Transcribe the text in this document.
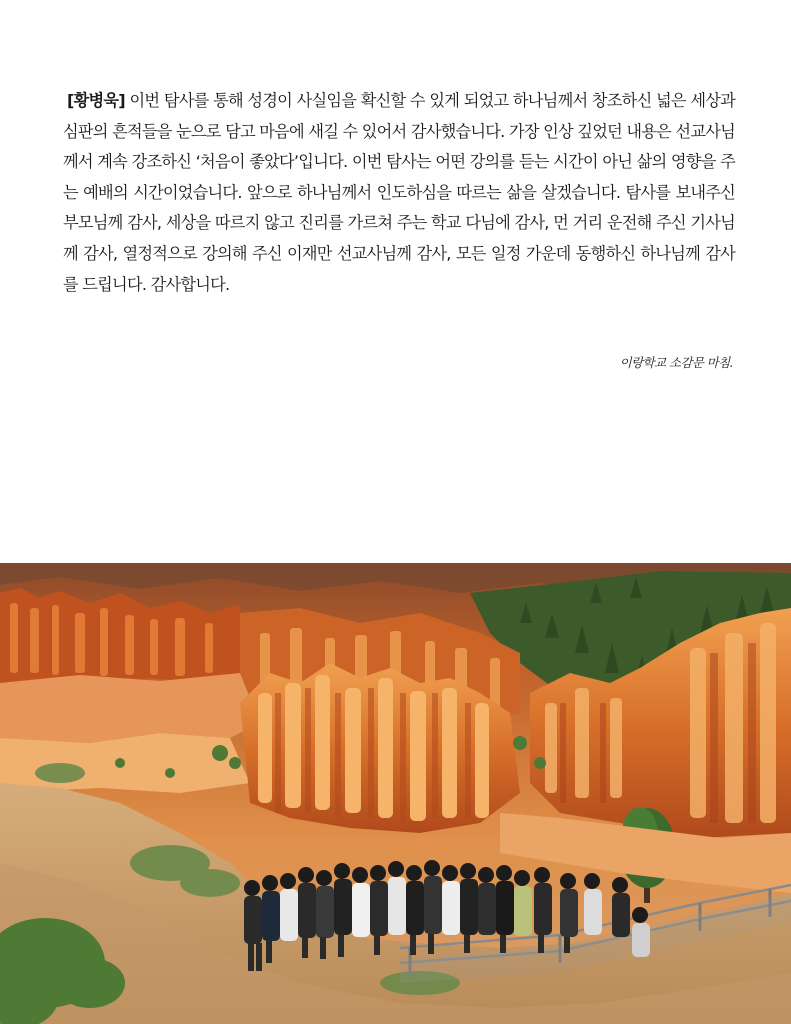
[황병욱] 이번 탐사를 통해 성경이 사실임을 확신할 수 있게 되었고 하나님께서 창조하신 넓은 세상과 심판의 흔적들을 눈으로 담고 마음에 새길 수 있어서 감사했습니다. 가장 인상 깊었던 내용은 선교사님께서 계속 강조하신 ‘처음이 좋았다’입니다. 이번 탐사는 어떤 강의를 듣는 시간이 아닌 삶의 영향을 주는 예배의 시간이었습니다. 앞으로 하나님께서 인도하심을 따르는 삶을 살겠습니다. 탐사를 보내주신 부모님께 감사, 세상을 따르지 않고 진리를 가르쳐 주는 학교 다님에 감사, 먼 거리 운전해 주신 기사님께 감사, 열정적으로 강의해 주신 이재만 선교사님께 감사, 모든 일정 가운데 동행하신 하나님께 감사를 드립니다. 감사합니다.

이랑학교 소감문 마침.
